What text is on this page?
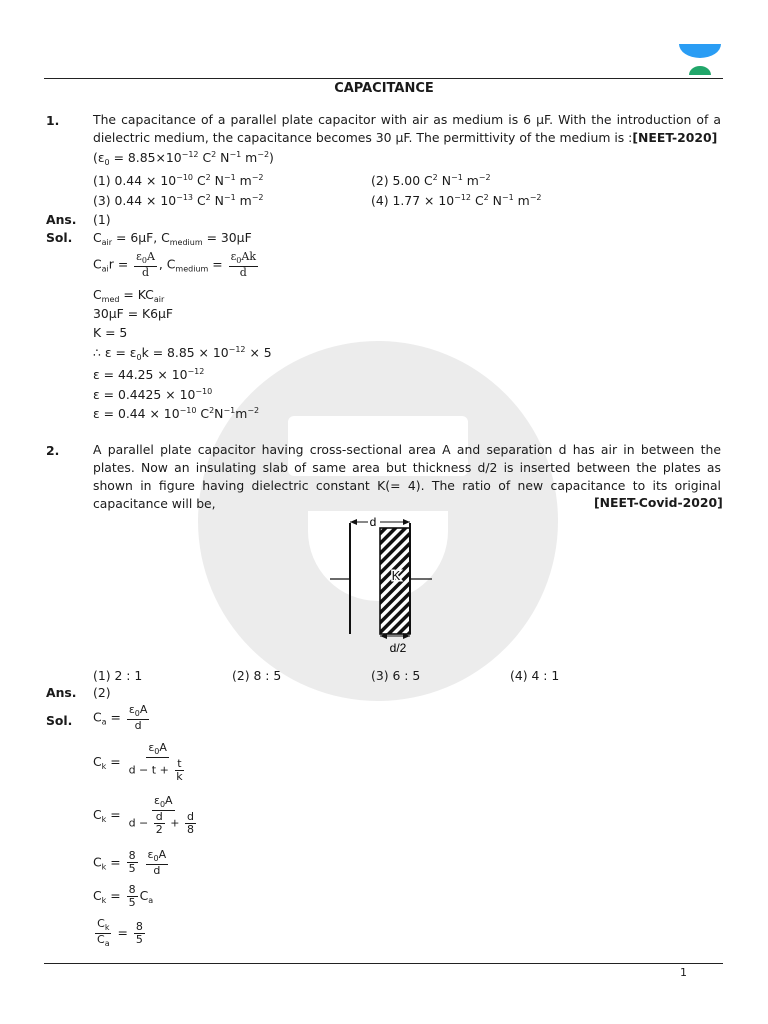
CAPACITANCE
1.	The capacitance of a parallel plate capacitor with air as medium is 6 μF. With the introduction of a dielectric medium, the capacitance becomes 30 μF. The permittivity of the medium is :[NEET-2020]
($\varepsilon_0 = 8.85\times 10^{-12}$ $C^2$ $N^{-1}$ $m^{-2}$)
(1) $0.44 \times 10^{-10}$ $C^2$ $N^{-1}$ $m^{-2}$	(2) 5.00 $C^2$ $N^{-1}$ $m^{-2}$
(3) $0.44 \times 10^{-13}$ $C^2$ $N^{-1}$ $m^{-2}$	(4) $1.77 \times 10^{-12}$ $C^2$ $N^{-1}$ $m^{-2}$
Ans. (1)
Sol. $C_{air} = 6\mu F$, $C_{medium} = 30\mu F$
$C_{ai}r = \frac{\varepsilon_0A}{d}$ , $C_{medium} = \frac{\varepsilon_0Ak}{d}$
$C_{med} = KC_{air}$
30μF = K6μF
K = 5
∴ $\varepsilon = \varepsilon_0k = 8.85 \times 10^{-12} \times 5$
$\varepsilon = 44.25 \times 10^{-12}$
$\varepsilon = 0.4425 \times 10^{-10}$
$\varepsilon = 0.44 \times 10^{-10}$ $C^2N^{-1}m^{-2}$
2.	A parallel plate capacitor having cross-sectional area A and separation d has air in between the plates. Now an insulating slab of same area but thickness d/2 is inserted between the plates as shown in figure having dielectric constant K(= 4). The ratio of new capacitance to its original capacitance will be,	[NEET-Covid-2020]
d
K
d/2
(1) 2 : 1	(2) 8 : 5	(3) 6 : 5	(4) 4 : 1
Ans. (2)
Sol. $C_a = \frac{\varepsilon_0A}{d}$
$C_k = \frac{\varepsilon_0A}{d - t + \frac{t}{k}}$
$C_k = \frac{\varepsilon_0A}{d - \frac{d}{2} + \frac{d}{8}}$
$C_k = \frac{8}{5}$
$\frac{\varepsilon_0A}{d}$
$C_k = \frac{8}{5} C_a$
$\frac{C_k}{C_a} = \frac{8}{5}$
1
